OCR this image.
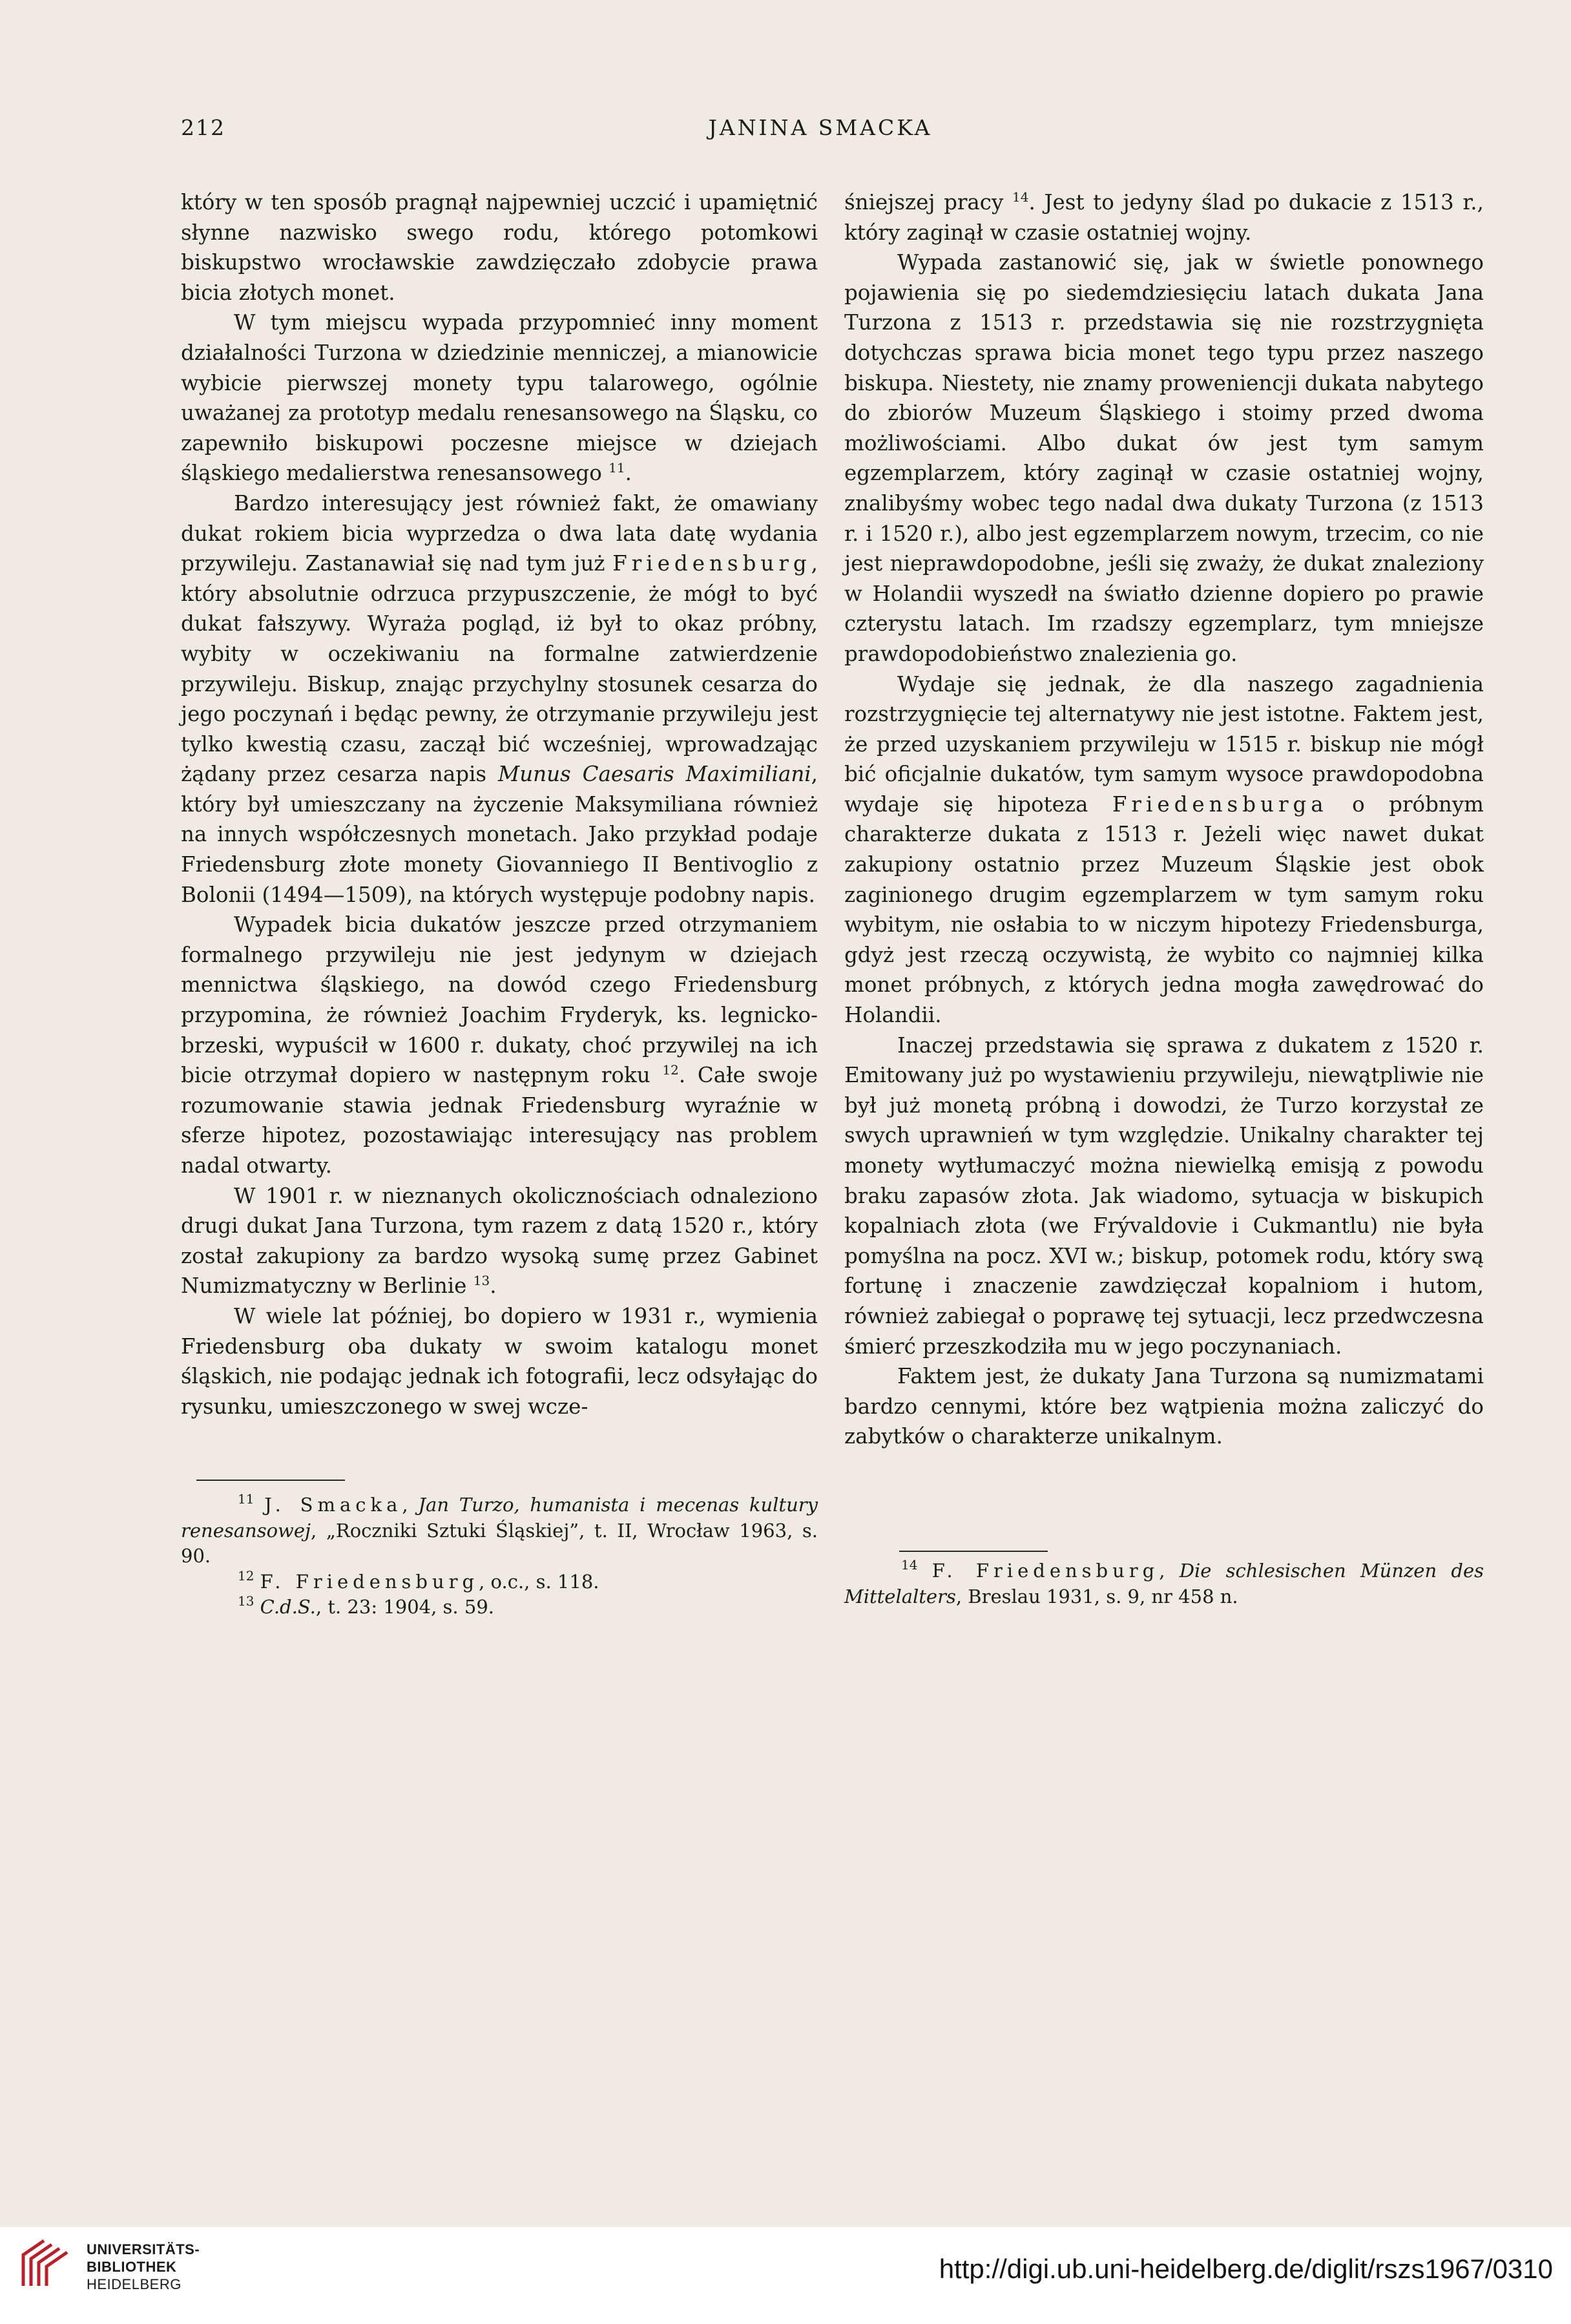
212	JANINA SMACKA

który w ten sposób pragnął najpewniej uczcić i upamiętnić słynne nazwisko swego rodu, którego potomkowi biskupstwo wrocławskie zawdzięczało zdobycie prawa bicia złotych monet.

W tym miejscu wypada przypomnieć inny moment działalności Turzona w dziedzinie menniczej, a mianowicie wybicie pierwszej monety typu talarowego, ogólnie uważanej za prototyp medalu renesansowego na Śląsku, co zapewniło biskupowi poczesne miejsce w dziejach śląskiego medalierstwa renesansowego $^{11}$.

Bardzo interesujący jest również fakt, że omawiany dukat rokiem bicia wyprzedza o dwa lata datę wydania przywileju. Zastanawiał się nad tym już Friedensburg, który absolutnie odrzuca przypuszczenie, że mógł to być dukat fałszywy. Wyraża pogląd, iż był to okaz próbny, wybity w oczekiwaniu na formalne zatwierdzenie przywileju. Biskup, znając przychylny stosunek cesarza do jego poczynań i będąc pewny, że otrzymanie przywileju jest tylko kwestią czasu, zaczął bić wcześniej, wprowadzając żądany przez cesarza napis Munus Caesaris Maximiliani, który był umieszczany na życzenie Maksymiliana również na innych współczesnych monetach. Jako przykład podaje Friedensburg złote monety Giovanniego II Bentivoglio z Bolonii (1494—1509), na których występuje podobny napis.

Wypadek bicia dukatów jeszcze przed otrzymaniem formalnego przywileju nie jest jedynym w dziejach mennictwa śląskiego, na dowód czego Friedensburg przypomina, że również Joachim Fryderyk, ks. legnicko-brzeski, wypuścił w 1600 r. dukaty, choć przywilej na ich bicie otrzymał dopiero w następnym roku $^{12}$. Całe swoje rozumowanie stawia jednak Friedensburg wyraźnie w sferze hipotez, pozostawiając interesujący nas problem nadal otwarty.

W 1901 r. w nieznanych okolicznościach odnaleziono drugi dukat Jana Turzona, tym razem z datą 1520 r., który został zakupiony za bardzo wysoką sumę przez Gabinet Numizmatyczny w Berlinie $^{13}$.

W wiele lat później, bo dopiero w 1931 r., wymienia Friedensburg oba dukaty w swoim katalogu monet śląskich, nie podając jednak ich fotografii, lecz odsyłając do rysunku, umieszczonego w swej wcze-

$^{11}$ J. Smacka, Jan Turzo, humanista i mecenas kultury renesansowej, „Roczniki Sztuki Śląskiej”, t. II, Wrocław 1963, s. 90.

$^{12}$ F. Friedensburg, o.c., s. 118.

$^{13}$ C.d.S., t. 23: 1904, s. 59.

śniejszej pracy $^{14}$. Jest to jedyny ślad po dukacie z 1513 r., który zaginął w czasie ostatniej wojny.

Wypada zastanowić się, jak w świetle ponownego pojawienia się po siedemdziesięciu latach dukata Jana Turzona z 1513 r. przedstawia się nie rozstrzygnięta dotychczas sprawa bicia monet tego typu przez naszego biskupa. Niestety, nie znamy proweniencji dukata nabytego do zbiorów Muzeum Śląskiego i stoimy przed dwoma możliwościami. Albo dukat ów jest tym samym egzemplarzem, który zaginął w czasie ostatniej wojny, znalibyśmy wobec tego nadal dwa dukaty Turzona (z 1513 r. i 1520 r.), albo jest egzemplarzem nowym, trzecim, co nie jest nieprawdopodobne, jeśli się zważy, że dukat znaleziony w Holandii wyszedł na światło dzienne dopiero po prawie czterystu latach. Im rzadszy egzemplarz, tym mniejsze prawdopodobieństwo znalezienia go.

Wydaje się jednak, że dla naszego zagadnienia rozstrzygnięcie tej alternatywy nie jest istotne. Faktem jest, że przed uzyskaniem przywileju w 1515 r. biskup nie mógł bić oficjalnie dukatów, tym samym wysoce prawdopodobna wydaje się hipoteza Friedensburga o próbnym charakterze dukata z 1513 r. Jeżeli więc nawet dukat zakupiony ostatnio przez Muzeum Śląskie jest obok zaginionego drugim egzemplarzem w tym samym roku wybitym, nie osłabia to w niczym hipotezy Friedensburga, gdyż jest rzeczą oczywistą, że wybito co najmniej kilka monet próbnych, z których jedna mogła zawędrować do Holandii.

Inaczej przedstawia się sprawa z dukatem z 1520 r. Emitowany już po wystawieniu przywileju, niewątpliwie nie był już monetą próbną i dowodzi, że Turzo korzystał ze swych uprawnień w tym względzie. Unikalny charakter tej monety wytłumaczyć można niewielką emisją z powodu braku zapasów złota. Jak wiadomo, sytuacja w biskupich kopalniach złota (we Frývaldovie i Cukmantlu) nie była pomyślna na pocz. XVI w.; biskup, potomek rodu, który swą fortunę i znaczenie zawdzięczał kopalniom i hutom, również zabiegał o poprawę tej sytuacji, lecz przedwczesna śmierć przeszkodziła mu w jego poczynaniach.

Faktem jest, że dukaty Jana Turzona są numizmatami bardzo cennymi, które bez wątpienia można zaliczyć do zabytków o charakterze unikalnym.

$^{14}$ F. Friedensburg, Die schlesischen Münzen des Mittelalters, Breslau 1931, s. 9, nr 458 n.

UNIVERSITÄTS-
BIBLIOTHEK
HEIDELBERG
http://digi.ub.uni-heidelberg.de/diglit/rszs1967/0310
